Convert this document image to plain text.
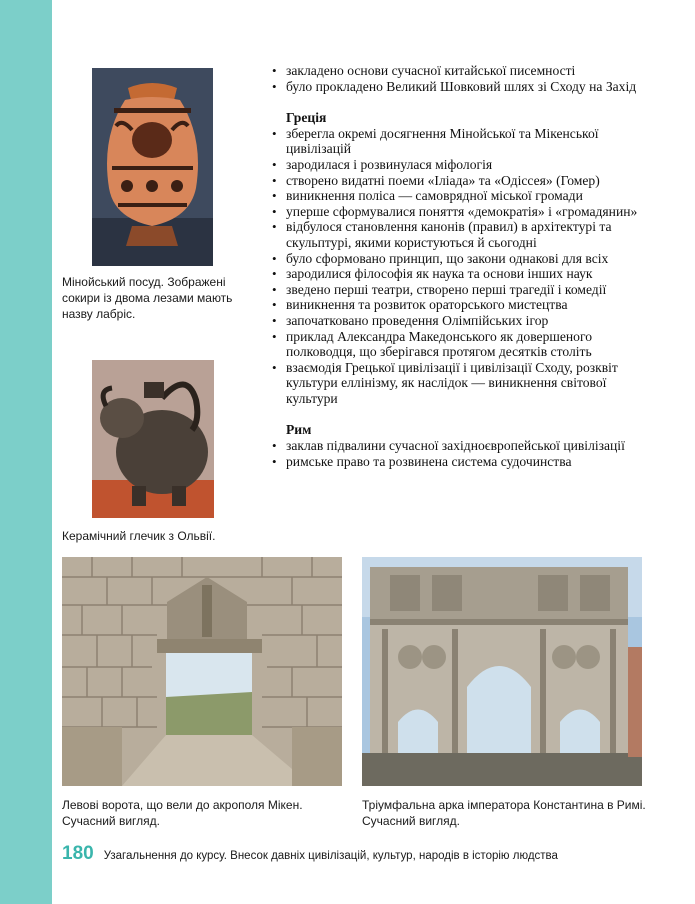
Мінойський посуд. Зображені сокири із двома лезами мають назву лабріс.
Керамічний глечик з Ольвії.
• закладено основи сучасної китайської писемності
• було прокладено Великий Шовковий шлях зі Сходу на Захід
Греція
• зберегла окремі досягнення Мінойської та Мікенської цивілізацій
• зародилася і розвинулася міфологія
• створено видатні поеми «Іліада» та «Одіссея» (Гомер)
• виникнення поліса — самоврядної міської громади
• уперше сформувалися поняття «демократія» і «громадянин»
• відбулося становлення канонів (правил) в архітектурі та скульптурі, якими користуються й сьогодні
• було сформовано принцип, що закони однакові для всіх
• зародилися філософія як наука та основи інших наук
• зведено перші театри, створено перші трагедії і комедії
• виникнення та розвиток ораторського мистецтва
• започатковано проведення Олімпійських ігор
• приклад Александра Македонського як довершеного полководця, що зберігався протягом десятків століть
• взаємодія Грецької цивілізації і цивілізації Сходу, розквіт культури еллінізму, як наслідок — виникнення світової культури
Рим
• заклав підвалини сучасної західноєвропейської цивілізації
• римське право та розвинена система судочинства
Левові ворота, що вели до акрополя Мікен. Сучасний вигляд.
Тріумфальна арка імператора Константина в Римі. Сучасний вигляд.
180 Узагальнення до курсу. Внесок давніх цивілізацій, культур, народів в історію людства
